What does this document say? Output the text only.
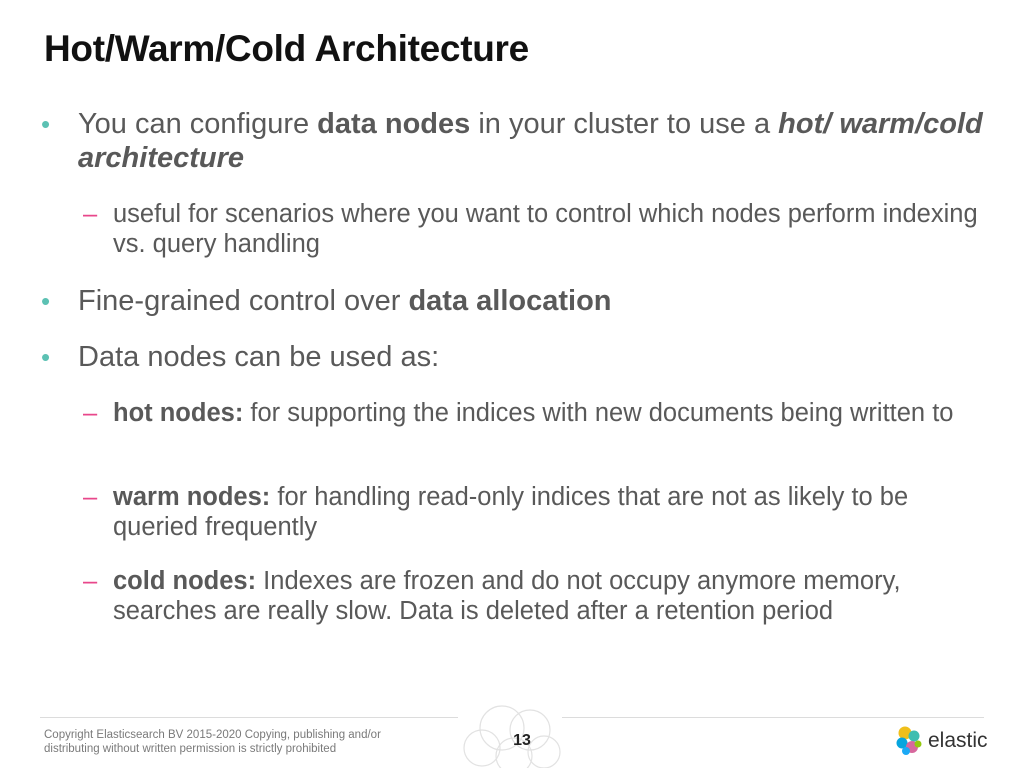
Hot/Warm/Cold Architecture
• You can configure data nodes in your cluster to use a hot/ warm/cold architecture
– useful for scenarios where you want to control which nodes perform indexing vs. query handling
• Fine-grained control over data allocation
• Data nodes can be used as:
– hot nodes: for supporting the indices with new documents being written to
– warm nodes: for handling read-only indices that are not as likely to be queried frequently
– cold nodes: Indexes are frozen and do not occupy anymore memory, searches are really slow. Data is deleted after a retention period
Copyright Elasticsearch BV 2015-2020 Copying, publishing and/or distributing without written permission is strictly prohibited	13	elastic
